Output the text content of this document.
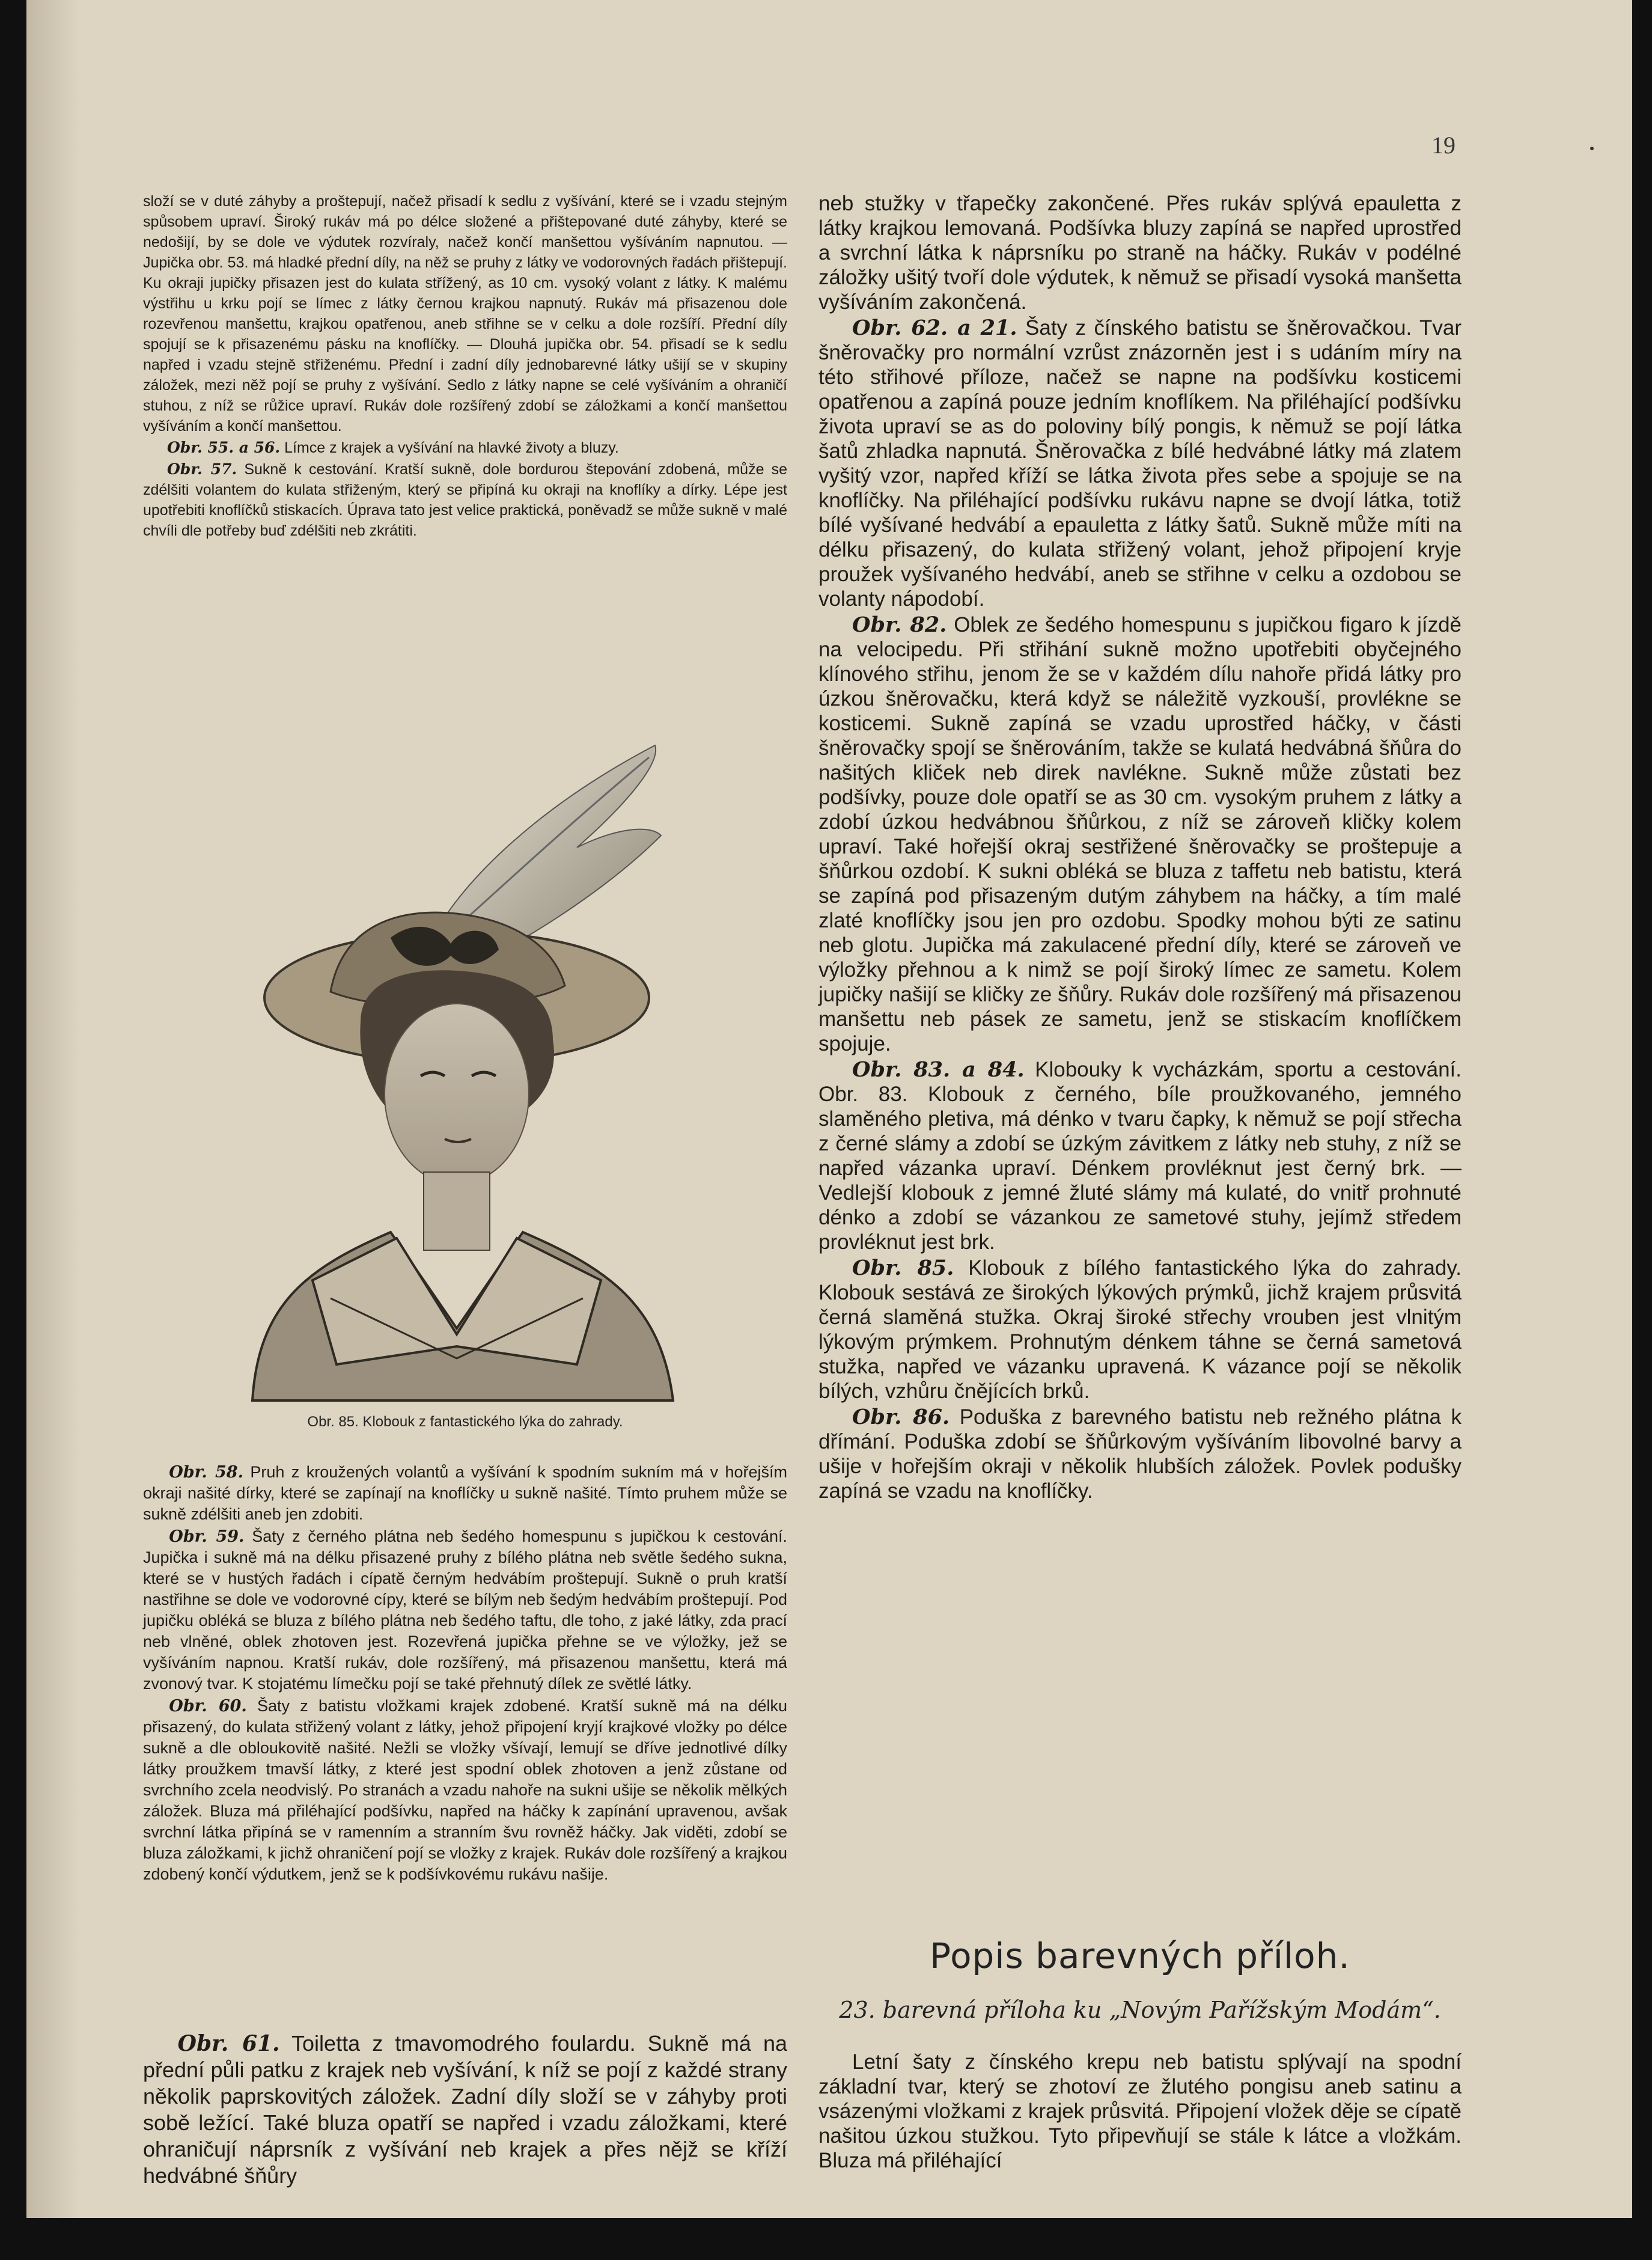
19

složí se v duté záhyby a proštepují, načež přisadí k sedlu z vyšívání, které se i vzadu stejným spůsobem upraví. Široký rukáv má po délce složené a přištepované duté záhyby, které se nedošijí, by se dole ve výdutek rozvíraly, načež končí manšettou vyšíváním napnutou. — Jupička obr. 53. má hladké přední díly, na něž se pruhy z látky ve vodorovných řadách přištepují. Ku okraji jupičky přisazen jest do kulata střížený, as 10 cm. vysoký volant z látky. K malému výstřihu u krku pojí se límec z látky černou krajkou napnutý. Rukáv má přisazenou dole rozevřenou manšettu, krajkou opatřenou, aneb střihne se v celku a dole rozšíří. Přední díly spojují se k přisazenému pásku na knoflíčky. — Dlouhá jupička obr. 54. přisadí se k sedlu napřed i vzadu stejně střiženému. Přední i zadní díly jednobarevné látky ušijí se v skupiny záložek, mezi něž pojí se pruhy z vyšívání. Sedlo z látky napne se celé vyšíváním a ohraničí stuhou, z níž se růžice upraví. Rukáv dole rozšířený zdobí se záložkami a končí manšettou vyšíváním a končí manšettou.

Obr. 55. a 56. Límce z krajek a vyšívání na hlavké životy a bluzy.

Obr. 57. Sukně k cestování. Kratší sukně, dole bordurou štepování zdobená, může se zdélšiti volantem do kulata střiženým, který se připíná ku okraji na knoflíky a dírky. Lépe jest upotřebiti knoflíčků stiskacích. Úprava tato jest velice praktická, poněvadž se může sukně v malé chvíli dle potřeby buď zdélšiti neb zkrátiti.

Obr. 85. Klobouk z fantastického lýka do zahrady.

Obr. 58. Pruh z kroužených volantů a vyšívání k spodním sukním má v hořejším okraji našité dírky, které se zapínají na knoflíčky u sukně našité. Tímto pruhem může se sukně zdélšiti aneb jen zdobiti.

Obr. 59. Šaty z černého plátna neb šedého homespunu s jupičkou k cestování. Jupička i sukně má na délku přisazené pruhy z bílého plátna neb světle šedého sukna, které se v hustých řadách i cípatě černým hedvábím proštepují. Sukně o pruh kratší nastřihne se dole ve vodorovné cípy, které se bílým neb šedým hedvábím proštepují. Pod jupičku obléká se bluza z bílého plátna neb šedého taftu, dle toho, z jaké látky, zda prací neb vlněné, oblek zhotoven jest. Rozevřená jupička přehne se ve výložky, jež se vyšíváním napnou. Kratší rukáv, dole rozšířený, má přisazenou manšettu, která má zvonový tvar. K stojatému límečku pojí se také přehnutý dílek ze světlé látky.

Obr. 60. Šaty z batistu vložkami krajek zdobené. Kratší sukně má na délku přisazený, do kulata střižený volant z látky, jehož připojení kryjí krajkové vložky po délce sukně a dle obloukovitě našité. Nežli se vložky všívají, lemují se dříve jednotlivé dílky látky proužkem tmavší látky, z které jest spodní oblek zhotoven a jenž zůstane od svrchního zcela neodvislý. Po stranách a vzadu nahoře na sukni ušije se několik mělkých záložek. Bluza má přiléhající podšívku, napřed na háčky k zapínání upravenou, avšak svrchní látka připíná se v ramenním a stranním švu rovněž háčky. Jak viděti, zdobí se bluza záložkami, k jichž ohraničení pojí se vložky z krajek. Rukáv dole rozšířený a krajkou zdobený končí výdutkem, jenž se k podšívkovému rukávu našije.

Obr. 61. Toiletta z tmavomodrého foulardu. Sukně má na přední půli patku z krajek neb vyšívání, k níž se pojí z každé strany několik paprskovitých záložek. Zadní díly složí se v záhyby proti sobě ležící. Také bluza opatří se napřed i vzadu záložkami, které ohraničují náprsník z vyšívání neb krajek a přes nějž se kříží hedvábné šňůry

neb stužky v třapečky zakončené. Přes rukáv splývá epauletta z látky krajkou lemovaná. Podšívka bluzy zapíná se napřed uprostřed a svrchní látka k náprsníku po straně na háčky. Rukáv v podélné záložky ušitý tvoří dole výdutek, k němuž se přisadí vysoká manšetta vyšíváním zakončená.

Obr. 62. a 21. Šaty z čínského batistu se šněrovačkou. Tvar šněrovačky pro normální vzrůst znázorněn jest i s udáním míry na této střihové příloze, načež se napne na podšívku kosticemi opatřenou a zapíná pouze jedním knoflíkem. Na přiléhající podšívku života upraví se as do poloviny bílý pongis, k němuž se pojí látka šatů zhladka napnutá. Šněrovačka z bílé hedvábné látky má zlatem vyšitý vzor, napřed kříží se látka života přes sebe a spojuje se na knoflíčky. Na přiléhající podšívku rukávu napne se dvojí látka, totiž bílé vyšívané hedvábí a epauletta z látky šatů. Sukně může míti na délku přisazený, do kulata střižený volant, jehož připojení kryje proužek vyšívaného hedvábí, aneb se střihne v celku a ozdobou se volanty nápodobí.

Obr. 82. Oblek ze šedého homespunu s jupičkou figaro k jízdě na velocipedu. Při střihání sukně možno upotřebiti obyčejného klínového střihu, jenom že se v každém dílu nahoře přidá látky pro úzkou šněrovačku, která když se náležitě vyzkouší, provlékne se kosticemi. Sukně zapíná se vzadu uprostřed háčky, v části šněrovačky spojí se šněrováním, takže se kulatá hedvábná šňůra do našitých kliček neb direk navlékne. Sukně může zůstati bez podšívky, pouze dole opatří se as 30 cm. vysokým pruhem z látky a zdobí úzkou hedvábnou šňůrkou, z níž se zároveň kličky kolem upraví. Také hořejší okraj sestřižené šněrovačky se proštepuje a šňůrkou ozdobí. K sukni obléká se bluza z taffetu neb batistu, která se zapíná pod přisazeným dutým záhybem na háčky, a tím malé zlaté knoflíčky jsou jen pro ozdobu. Spodky mohou býti ze satinu neb glotu. Jupička má zakulacené přední díly, které se zároveň ve výložky přehnou a k nimž se pojí široký límec ze sametu. Kolem jupičky našijí se kličky ze šňůry. Rukáv dole rozšířený má přisazenou manšettu neb pásek ze sametu, jenž se stiskacím knoflíčkem spojuje.

Obr. 83. a 84. Klobouky k vycházkám, sportu a cestování. Obr. 83. Klobouk z černého, bíle proužkovaného, jemného slaměného pletiva, má dénko v tvaru čapky, k němuž se pojí střecha z černé slámy a zdobí se úzkým závitkem z látky neb stuhy, z níž se napřed vázanka upraví. Dénkem provléknut jest černý brk. — Vedlejší klobouk z jemné žluté slámy má kulaté, do vnitř prohnuté dénko a zdobí se vázankou ze sametové stuhy, jejímž středem provléknut jest brk.

Obr. 85. Klobouk z bílého fantastického lýka do zahrady. Klobouk sestává ze širokých lýkových prýmků, jichž krajem průsvitá černá slaměná stužka. Okraj široké střechy vrouben jest vlnitým lýkovým prýmkem. Prohnutým dénkem táhne se černá sametová stužka, napřed ve vázanku upravená. K vázance pojí se několik bílých, vzhůru čnějících brků.

Obr. 86. Poduška z barevného batistu neb režného plátna k dřímání. Poduška zdobí se šňůrkovým vyšíváním libovolné barvy a ušije v hořejším okraji v několik hlubších záložek. Povlek podušky zapíná se vzadu na knoflíčky.

Popis barevných příloh.
23. barevná příloha ku „Novým Pařížským Modám“.

Letní šaty z čínského krepu neb batistu splývají na spodní základní tvar, který se zhotoví ze žlutého pongisu aneb satinu a vsázenými vložkami z krajek průsvitá. Připojení vložek děje se cípatě našitou úzkou stužkou. Tyto připevňují se stále k látce a vložkám. Bluza má přiléhající
